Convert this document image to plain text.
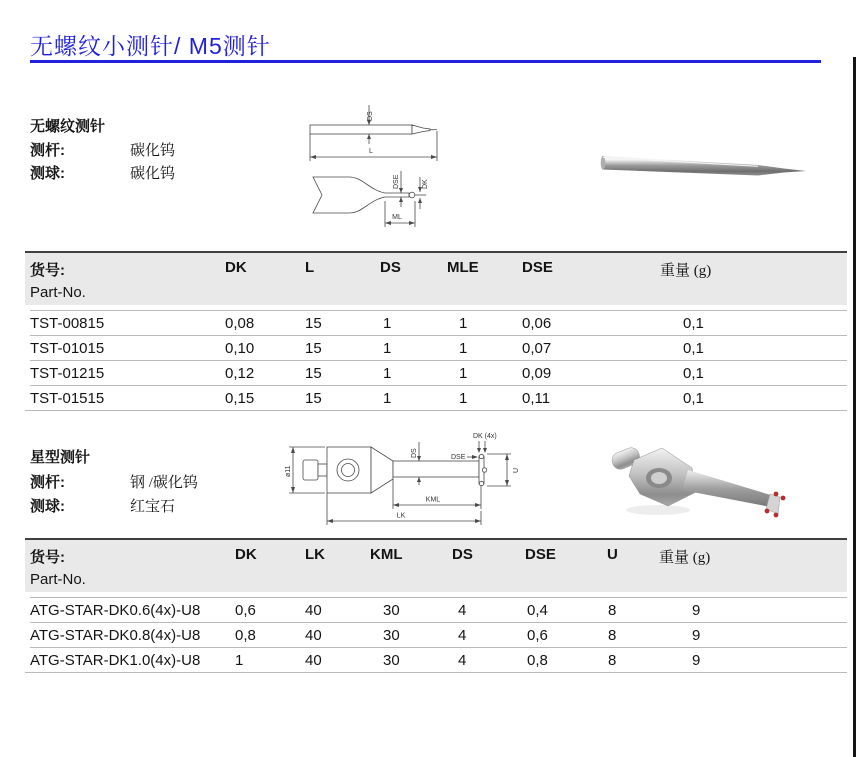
无螺纹小测针/ M5测针
无螺纹测针
测杆:	碳化钨
测球:	碳化钨
DS
L
DSE	DK
ML
货号:
Part-No.
DK	L	DS	MLE	DSE	重量 (g)
TST-00815	0,08	15	1	1	0,06	0,1
TST-01015	0,10	15	1	1	0,07	0,1
TST-01215	0,12	15	1	1	0,09	0,1
TST-01515	0,15	15	1	1	0,11	0,1
星型测针
测杆:	钢 /碳化钨
测球:	红宝石
ø11
DS
DK (4x)
DSE
U
KML
LK
货号:
Part-No.
DK	LK	KML	DS	DSE	U	重量 (g)
ATG-STAR-DK0.6(4x)-U8	0,6	40	30	4	0,4	8	9
ATG-STAR-DK0.8(4x)-U8	0,8	40	30	4	0,6	8	9
ATG-STAR-DK1.0(4x)-U8	1	40	30	4	0,8	8	9
